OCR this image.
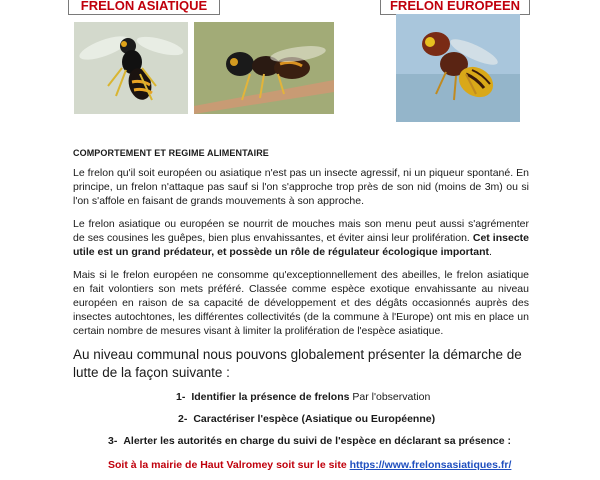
FRELON ASIATIQUE	FRELON EUROPEEN
COMPORTEMENT ET REGIME ALIMENTAIRE

Le frelon qu'il soit européen ou asiatique n'est pas un insecte agressif, ni un piqueur spontané. En principe, un frelon n'attaque pas sauf si l'on s'approche trop près de son nid (moins de 3m) ou si l'on s'affole en faisant de grands mouvements à son approche.

Le frelon asiatique ou européen se nourrit de mouches mais son menu peut aussi s'agrémenter de ses cousines les guêpes, bien plus envahissantes, et éviter ainsi leur prolifération. Cet insecte utile est un grand prédateur, et possède un rôle de régulateur écologique important.

Mais si le frelon européen ne consomme qu'exceptionnellement des abeilles, le frelon asiatique en fait volontiers son mets préféré. Classée comme espèce exotique envahissante au niveau européen en raison de sa capacité de développement et des dégâts occasionnés auprès des insectes autochtones, les différentes collectivités (de la commune à l'Europe) ont mis en place un certain nombre de mesures visant à limiter la prolifération de l'espèce asiatique.

Au niveau communal nous pouvons globalement présenter la démarche de lutte de la façon suivante :
1- Identifier la présence de frelons Par l'observation
2- Caractériser l'espèce (Asiatique ou Européenne)
3- Alerter les autorités en charge du suivi de l'espèce en déclarant sa présence :
Soit à la mairie de Haut Valromey soit sur le site https://www.frelonsasiatiques.fr/
